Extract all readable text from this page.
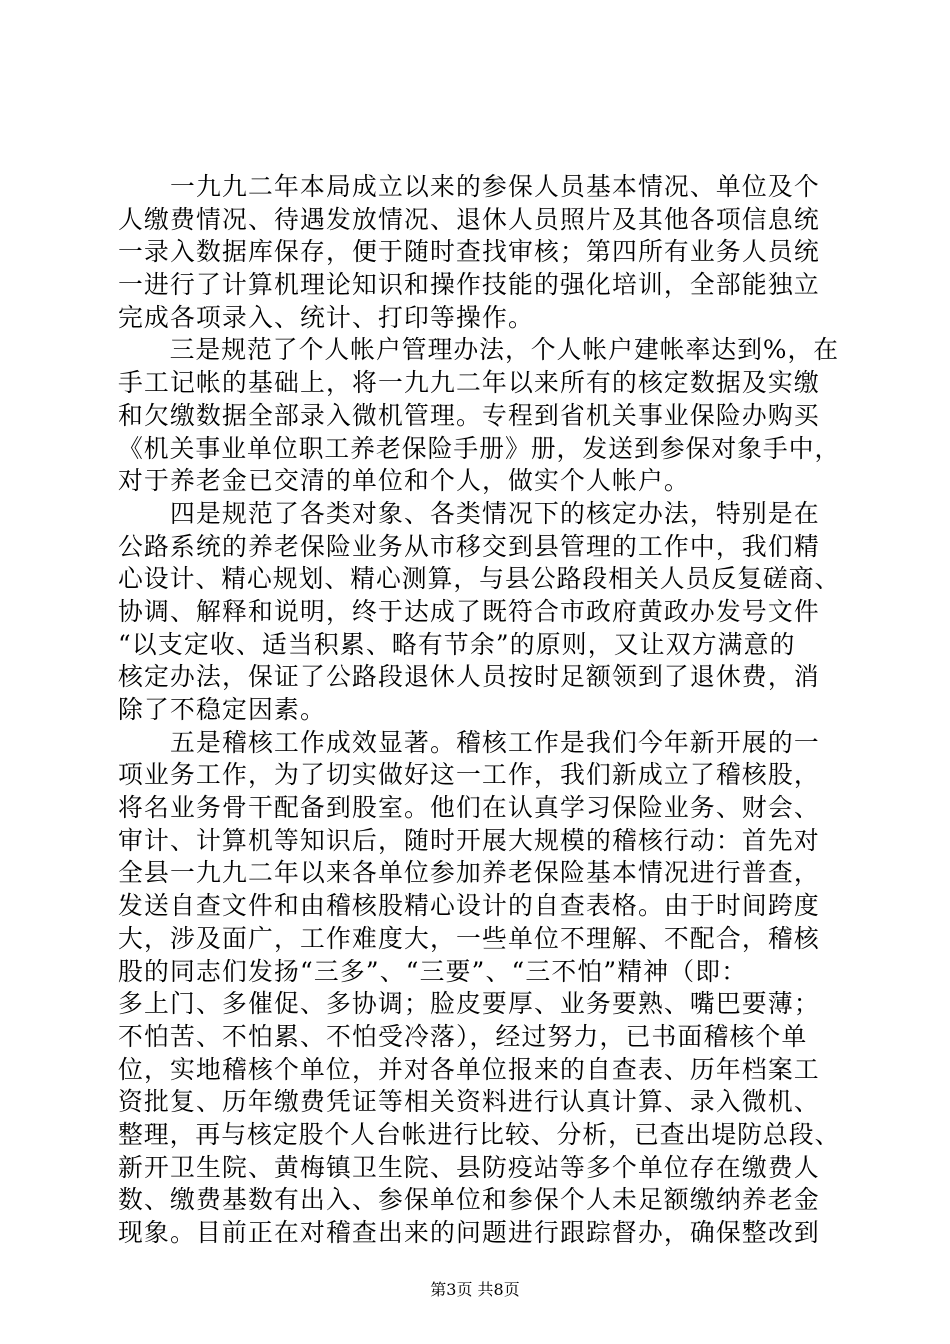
　　一九九二年本局成立以来的参保人员基本情况、单位及个
人缴费情况、待遇发放情况、退休人员照片及其他各项信息统
一录入数据库保存，便于随时查找审核；第四所有业务人员统
一进行了计算机理论知识和操作技能的强化培训，全部能独立
完成各项录入、统计、打印等操作。
　　三是规范了个人帐户管理办法，个人帐户建帐率达到%，在
手工记帐的基础上，将一九九二年以来所有的核定数据及实缴
和欠缴数据全部录入微机管理。专程到省机关事业保险办购买
《机关事业单位职工养老保险手册》册，发送到参保对象手中，
对于养老金已交清的单位和个人，做实个人帐户。
　　四是规范了各类对象、各类情况下的核定办法，特别是在
公路系统的养老保险业务从市移交到县管理的工作中，我们精
心设计、精心规划、精心测算，与县公路段相关人员反复磋商、
协调、解释和说明，终于达成了既符合市政府黄政办发号文件
“以支定收、适当积累、略有节余”的原则，又让双方满意的
核定办法，保证了公路段退休人员按时足额领到了退休费，消
除了不稳定因素。
　　五是稽核工作成效显著。稽核工作是我们今年新开展的一
项业务工作，为了切实做好这一工作，我们新成立了稽核股，
将名业务骨干配备到股室。他们在认真学习保险业务、财会、
审计、计算机等知识后，随时开展大规模的稽核行动：首先对
全县一九九二年以来各单位参加养老保险基本情况进行普查，
发送自查文件和由稽核股精心设计的自查表格。由于时间跨度
大，涉及面广，工作难度大，一些单位不理解、不配合，稽核
股的同志们发扬“三多”、“三要”、“三不怕”精神（即：
多上门、多催促、多协调；脸皮要厚、业务要熟、嘴巴要薄；
不怕苦、不怕累、不怕受冷落），经过努力，已书面稽核个单
位，实地稽核个单位，并对各单位报来的自查表、历年档案工
资批复、历年缴费凭证等相关资料进行认真计算、录入微机、
整理，再与核定股个人台帐进行比较、分析，已查出堤防总段、
新开卫生院、黄梅镇卫生院、县防疫站等多个单位存在缴费人
数、缴费基数有出入、参保单位和参保个人未足额缴纳养老金
现象。目前正在对稽查出来的问题进行跟踪督办，确保整改到
第3页 共8页
